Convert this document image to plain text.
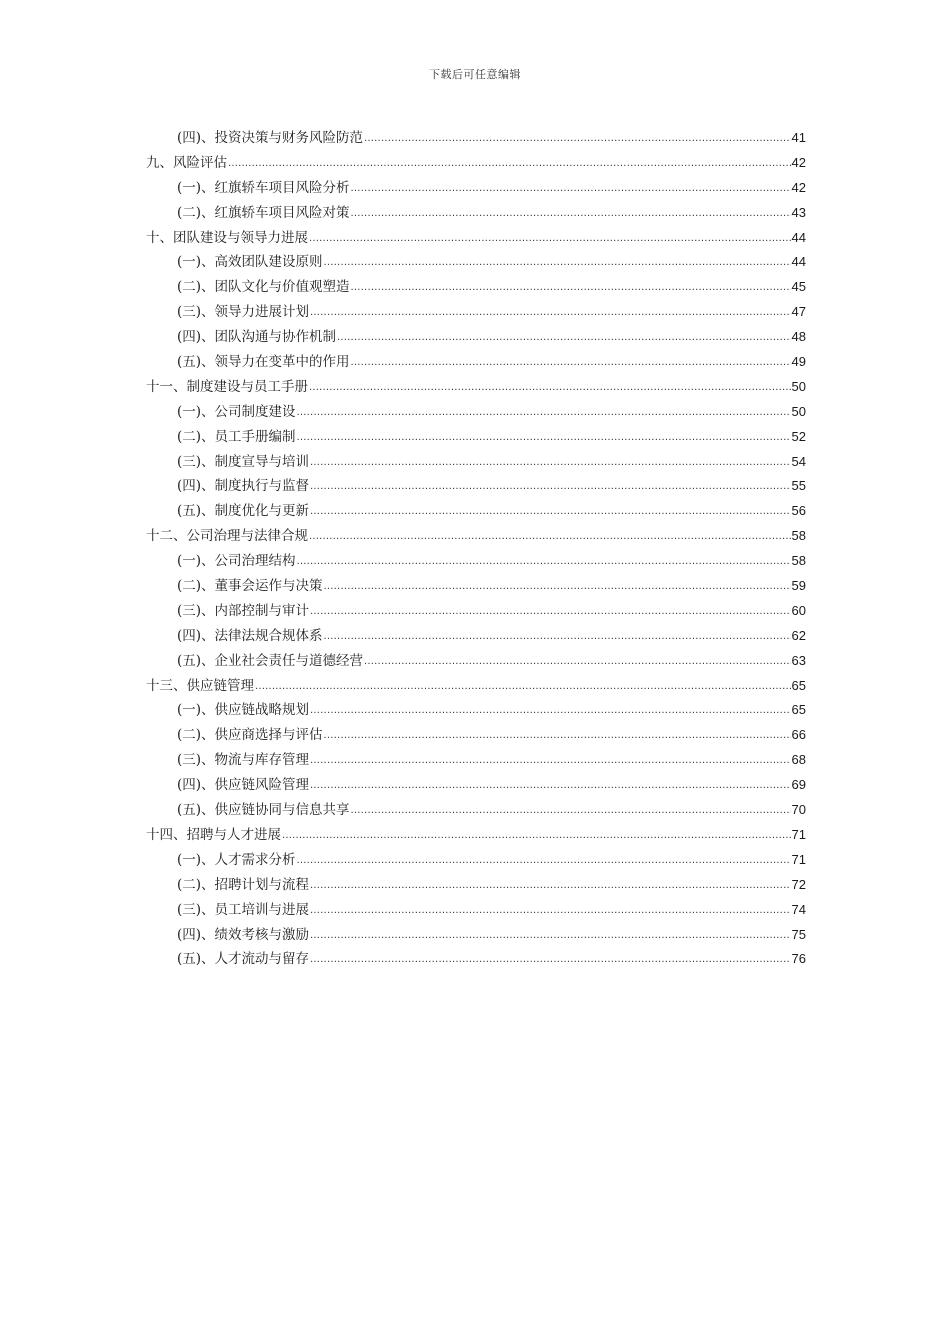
下载后可任意编辑
(四)、投资决策与财务风险防范 .....	41
九、风险评估 .....	42
(一)、红旗轿车项目风险分析 .....	42
(二)、红旗轿车项目风险对策 .....	43
十、团队建设与领导力进展 .....	44
(一)、高效团队建设原则 .....	44
(二)、团队文化与价值观塑造 .....	45
(三)、领导力进展计划 .....	47
(四)、团队沟通与协作机制 .....	48
(五)、领导力在变革中的作用 .....	49
十一、制度建设与员工手册 .....	50
(一)、公司制度建设 .....	50
(二)、员工手册编制 .....	52
(三)、制度宣导与培训 .....	54
(四)、制度执行与监督 .....	55
(五)、制度优化与更新 .....	56
十二、公司治理与法律合规 .....	58
(一)、公司治理结构 .....	58
(二)、董事会运作与决策 .....	59
(三)、内部控制与审计 .....	60
(四)、法律法规合规体系 .....	62
(五)、企业社会责任与道德经营 .....	63
十三、供应链管理 .....	65
(一)、供应链战略规划 .....	65
(二)、供应商选择与评估 .....	66
(三)、物流与库存管理 .....	68
(四)、供应链风险管理 .....	69
(五)、供应链协同与信息共享 .....	70
十四、招聘与人才进展 .....	71
(一)、人才需求分析 .....	71
(二)、招聘计划与流程 .....	72
(三)、员工培训与进展 .....	74
(四)、绩效考核与激励 .....	75
(五)、人才流动与留存 .....	76
